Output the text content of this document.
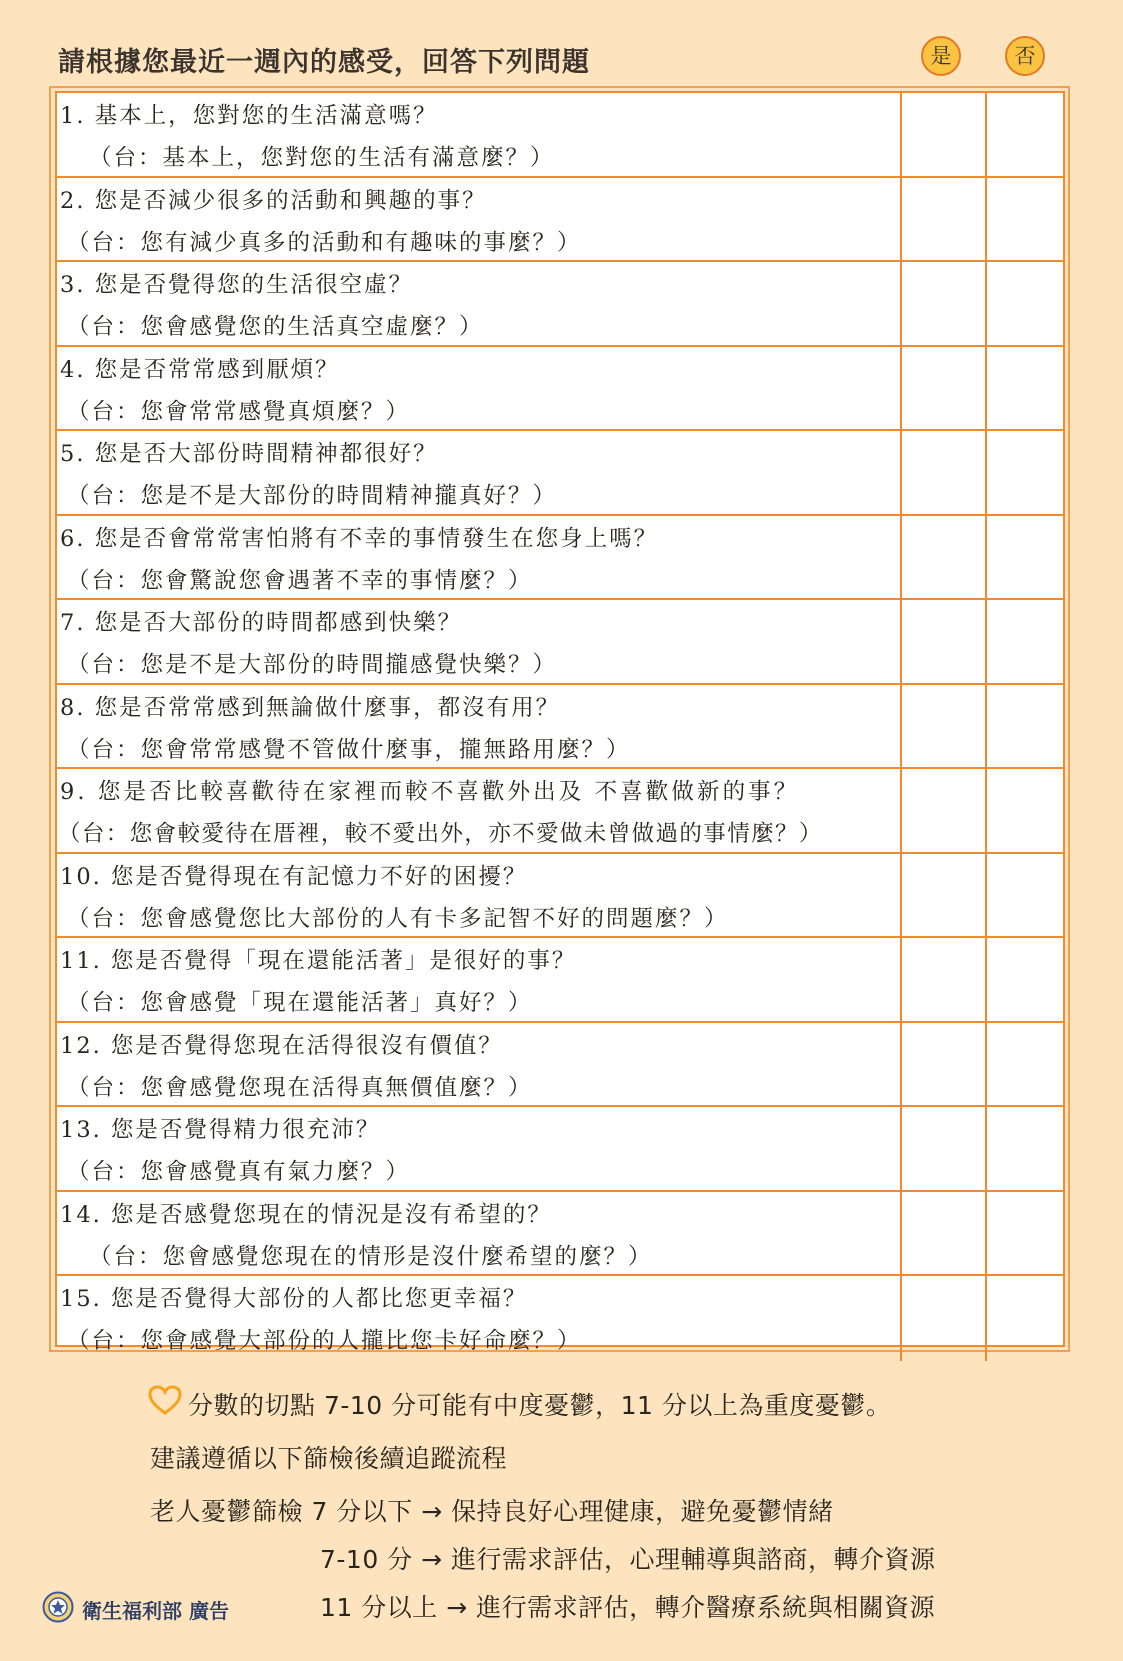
請根據您最近一週內的感受，回答下列問題	是	否
1. 基本上，您對您的生活滿意嗎？
（台：基本上，您對您的生活有滿意麼？）
2. 您是否減少很多的活動和興趣的事？
（台：您有減少真多的活動和有趣味的事麼？）
3. 您是否覺得您的生活很空虛？
（台：您會感覺您的生活真空虛麼？）
4. 您是否常常感到厭煩？
（台：您會常常感覺真煩麼？）
5. 您是否大部份時間精神都很好？
（台：您是不是大部份的時間精神攏真好？）
6. 您是否會常常害怕將有不幸的事情發生在您身上嗎？
（台：您會驚說您會遇著不幸的事情麼？）
7. 您是否大部份的時間都感到快樂？
（台：您是不是大部份的時間攏感覺快樂？）
8. 您是否常常感到無論做什麼事，都沒有用？
（台：您會常常感覺不管做什麼事，攏無路用麼？）
9. 您是否比較喜歡待在家裡而較不喜歡外出及 不喜歡做新的事？
（台：您會較愛待在厝裡，較不愛出外，亦不愛做未曾做過的事情麼？）
10. 您是否覺得現在有記憶力不好的困擾？
（台：您會感覺您比大部份的人有卡多記智不好的問題麼？）
11. 您是否覺得「現在還能活著」是很好的事？
（台：您會感覺「現在還能活著」真好？）
12. 您是否覺得您現在活得很沒有價值？
（台：您會感覺您現在活得真無價值麼？）
13. 您是否覺得精力很充沛？
（台：您會感覺真有氣力麼？）
14. 您是否感覺您現在的情況是沒有希望的？
（台：您會感覺您現在的情形是沒什麼希望的麼？）
15. 您是否覺得大部份的人都比您更幸福？
（台：您會感覺大部份的人攏比您卡好命麼？）
分數的切點 7-10 分可能有中度憂鬱，11 分以上為重度憂鬱。
建議遵循以下篩檢後續追蹤流程
老人憂鬱篩檢 7 分以下 → 保持良好心理健康，避免憂鬱情緒
7-10 分 → 進行需求評估，心理輔導與諮商，轉介資源
11 分以上 → 進行需求評估，轉介醫療系統與相關資源
衛生福利部 廣告
